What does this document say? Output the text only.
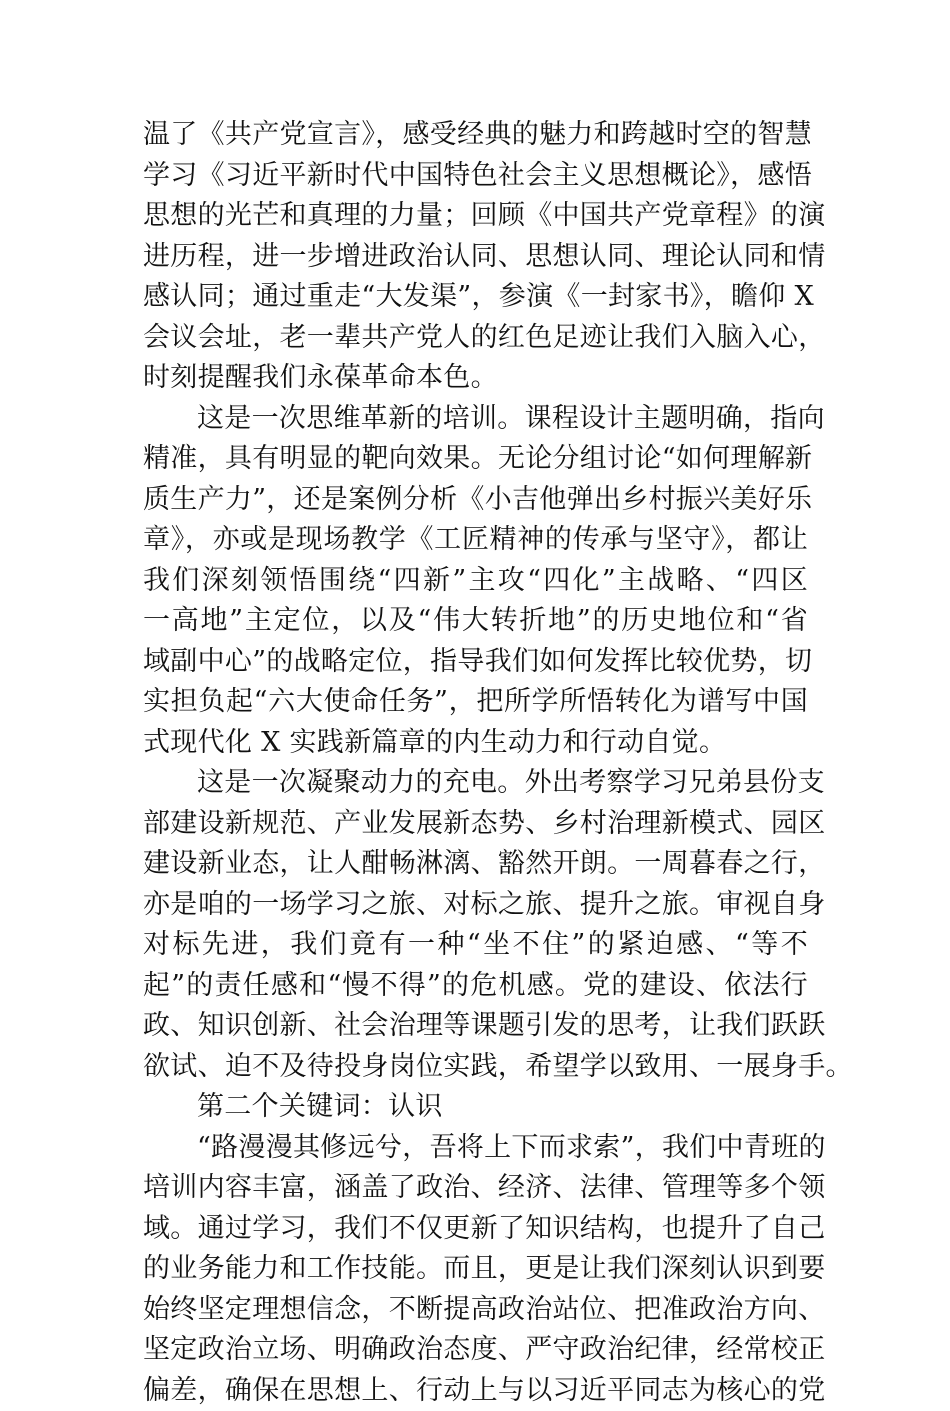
温了《共产党宣言》，感受经典的魅力和跨越时空的智慧
学习《习近平新时代中国特色社会主义思想概论》，感悟
思想的光芒和真理的力量；回顾《中国共产党章程》的演
进历程，进一步增进政治认同、思想认同、理论认同和情
感认同；通过重走“大发渠”，参演《一封家书》，瞻仰 X
会议会址，老一辈共产党人的红色足迹让我们入脑入心，
时刻提醒我们永葆革命本色。
这是一次思维革新的培训。课程设计主题明确，指向
精准，具有明显的靶向效果。无论分组讨论“如何理解新
质生产力”，还是案例分析《小吉他弹出乡村振兴美好乐
章》，亦或是现场教学《工匠精神的传承与坚守》，都让
我们深刻领悟围绕“四新”主攻“四化”主战略、“四区
一高地”主定位，以及“伟大转折地”的历史地位和“省
域副中心”的战略定位，指导我们如何发挥比较优势，切
实担负起“六大使命任务”，把所学所悟转化为谱写中国
式现代化 X 实践新篇章的内生动力和行动自觉。
这是一次凝聚动力的充电。外出考察学习兄弟县份支
部建设新规范、产业发展新态势、乡村治理新模式、园区
建设新业态，让人酣畅淋漓、豁然开朗。一周暮春之行，
亦是咱的一场学习之旅、对标之旅、提升之旅。审视自身
对标先进，我们竟有一种“坐不住”的紧迫感、“等不
起”的责任感和“慢不得”的危机感。党的建设、依法行
政、知识创新、社会治理等课题引发的思考，让我们跃跃
欲试、迫不及待投身岗位实践，希望学以致用、一展身手。
第二个关键词：认识
“路漫漫其修远兮，吾将上下而求索”，我们中青班的
培训内容丰富，涵盖了政治、经济、法律、管理等多个领
域。通过学习，我们不仅更新了知识结构，也提升了自己
的业务能力和工作技能。而且，更是让我们深刻认识到要
始终坚定理想信念，不断提高政治站位、把准政治方向、
坚定政治立场、明确政治态度、严守政治纪律，经常校正
偏差，确保在思想上、行动上与以习近平同志为核心的党
